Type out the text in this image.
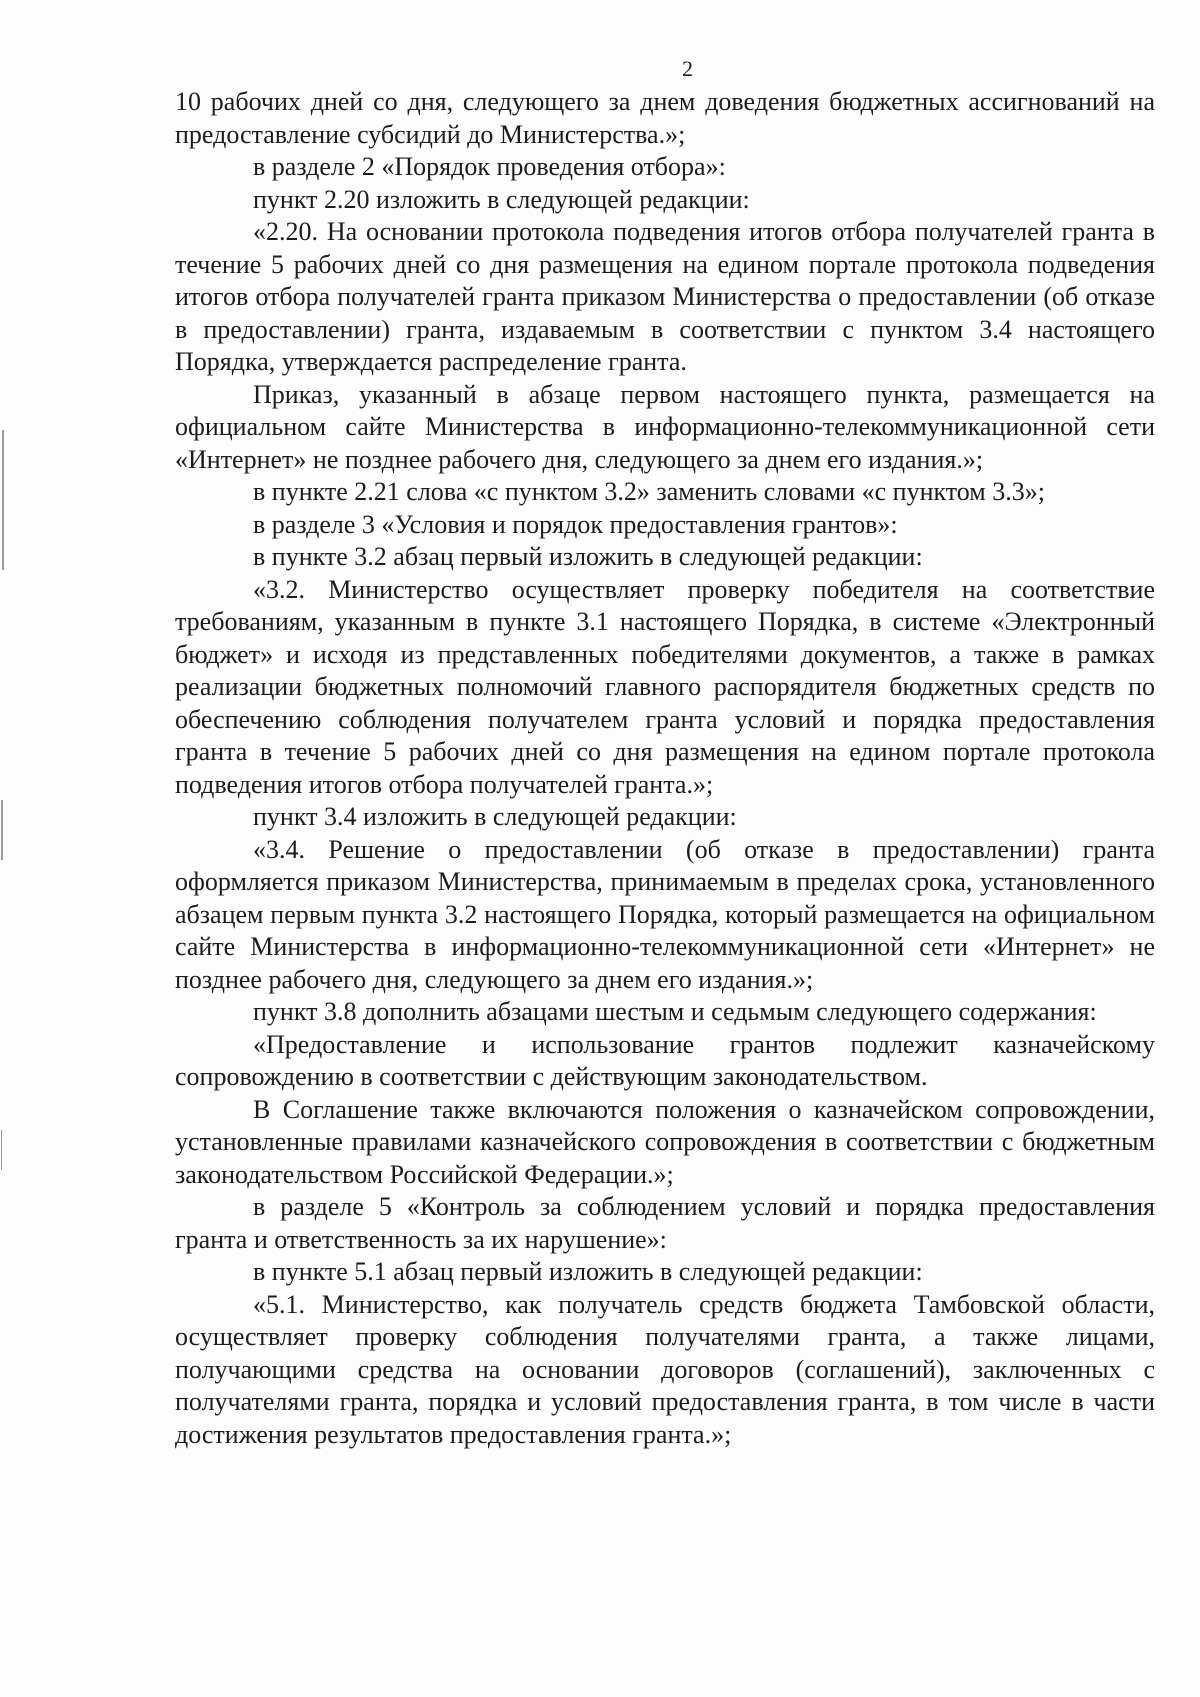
2

10 рабочих дней со дня, следующего за днем доведения бюджетных ассигнований на предоставление субсидий до Министерства.»;

в разделе 2 «Порядок проведения отбора»:

пункт 2.20 изложить в следующей редакции:

«2.20. На основании протокола подведения итогов отбора получателей гранта в течение 5 рабочих дней со дня размещения на едином портале протокола подведения итогов отбора получателей гранта приказом Министерства о предоставлении (об отказе в предоставлении) гранта, издаваемым в соответствии с пунктом 3.4 настоящего Порядка, утверждается распределение гранта.

Приказ, указанный в абзаце первом настоящего пункта, размещается на официальном сайте Министерства в информационно-телекоммуникационной сети «Интернет» не позднее рабочего дня, следующего за днем его издания.»;

в пункте 2.21 слова «с пунктом 3.2» заменить словами «с пунктом 3.3»;

в разделе 3 «Условия и порядок предоставления грантов»:

в пункте 3.2 абзац первый изложить в следующей редакции:

«3.2. Министерство осуществляет проверку победителя на соответствие требованиям, указанным в пункте 3.1 настоящего Порядка, в системе «Электронный бюджет» и исходя из представленных победителями документов, а также в рамках реализации бюджетных полномочий главного распорядителя бюджетных средств по обеспечению соблюдения получателем гранта условий и порядка предоставления гранта в течение 5 рабочих дней со дня размещения на едином портале протокола подведения итогов отбора получателей гранта.»;

пункт 3.4 изложить в следующей редакции:

«3.4. Решение о предоставлении (об отказе в предоставлении) гранта оформляется приказом Министерства, принимаемым в пределах срока, установленного абзацем первым пункта 3.2 настоящего Порядка, который размещается на официальном сайте Министерства в информационно-телекоммуникационной сети «Интернет» не позднее рабочего дня, следующего за днем его издания.»;

пункт 3.8 дополнить абзацами шестым и седьмым следующего содержания:

«Предоставление и использование грантов подлежит казначейскому сопровождению в соответствии с действующим законодательством.

В Соглашение также включаются положения о казначейском сопровождении, установленные правилами казначейского сопровождения в соответствии с бюджетным законодательством Российской Федерации.»;

в разделе 5 «Контроль за соблюдением условий и порядка предоставления гранта и ответственность за их нарушение»:

в пункте 5.1 абзац первый изложить в следующей редакции:

«5.1. Министерство, как получатель средств бюджета Тамбовской области, осуществляет проверку соблюдения получателями гранта, а также лицами, получающими средства на основании договоров (соглашений), заключенных с получателями гранта, порядка и условий предоставления гранта, в том числе в части достижения результатов предоставления гранта.»;
